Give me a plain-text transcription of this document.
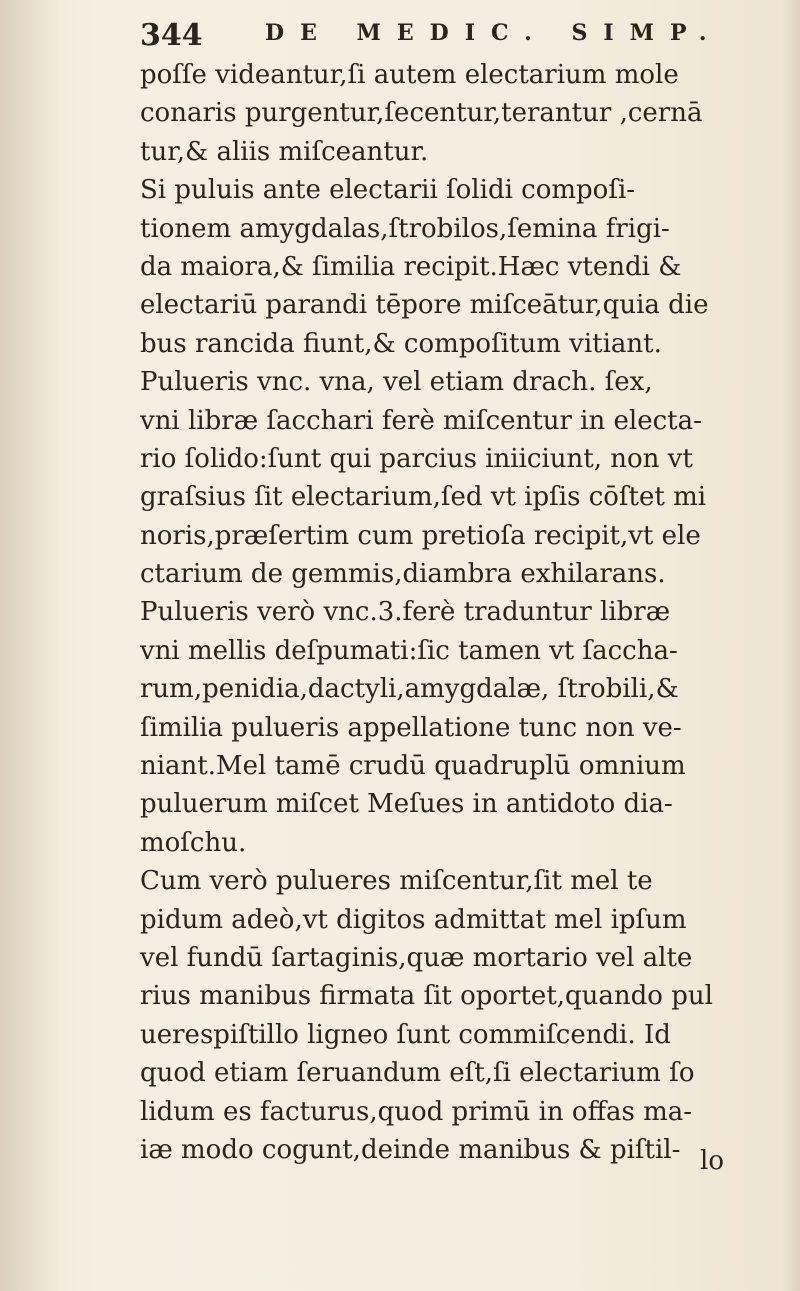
344	DE MEDIC. SIMP.
poſſe videantur,ſi autem electarium mole
conaris purgentur,ſecentur,terantur ,cernā
tur,& aliis miſceantur.
Si puluis ante electarii ſolidi compoſi-
tionem amygdalas,ſtrobilos,ſemina frigi-
da maiora,& ſimilia recipit.Hæc vtendi &
electariū parandi tēpore miſceātur,quia die
bus rancida fiunt,& compoſitum vitiant.
Pulueris vnc. vna, vel etiam drach. ſex,
vni libræ ſacchari ferè miſcentur in electa-
rio ſolido:ſunt qui parcius iniiciunt, non vt
graſsius ſit electarium,ſed vt ipſis cōſtet mi
noris,præſertim cum pretioſa recipit,vt ele
ctarium de gemmis,diambra exhilarans.
Pulueris verò vnc.3.ferè traduntur libræ
vni mellis deſpumati:ſic tamen vt ſaccha-
rum,penidia,dactyli,amygdalæ, ſtrobili,&
ſimilia pulueris appellatione tunc non ve-
niant.Mel tamē crudū quadruplū omnium
puluerum miſcet Meſues in antidoto dia-
moſchu.
Cum verò pulueres miſcentur,ſit mel te
pidum adeò,vt digitos admittat mel ipſum
vel fundū ſartaginis,quæ mortario vel alte
rius manibus firmata ſit oportet,quando pul
uerespiſtillo ligneo ſunt commiſcendi. Id
quod etiam ſeruandum eſt,ſi electarium ſo
lidum es facturus,quod primū in offas ma-
iæ modo cogunt,deinde manibus & piſtil- lo
